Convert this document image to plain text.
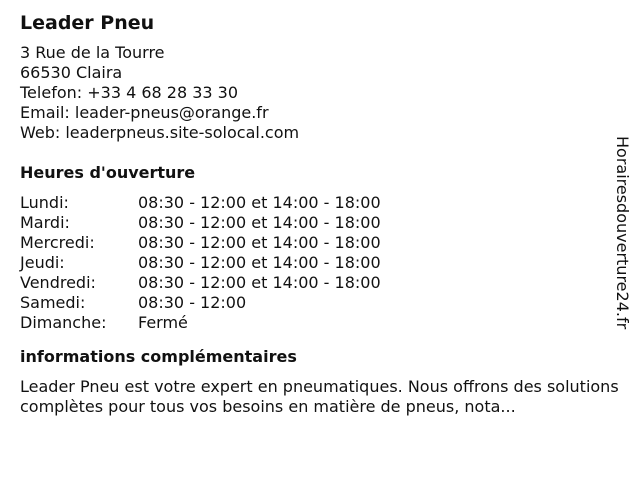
Leader Pneu
3 Rue de la Tourre
66530 Claira
Telefon: +33 4 68 28 33 30
Email: leader-pneus@orange.fr
Web: leaderpneus.site-solocal.com
Heures d'ouverture
Lundi:	08:30 - 12:00 et 14:00 - 18:00
Mardi:	08:30 - 12:00 et 14:00 - 18:00
Mercredi:	08:30 - 12:00 et 14:00 - 18:00
Jeudi:	08:30 - 12:00 et 14:00 - 18:00
Vendredi:	08:30 - 12:00 et 14:00 - 18:00
Samedi:	08:30 - 12:00
Dimanche:	Fermé
informations complémentaires
Leader Pneu est votre expert en pneumatiques. Nous offrons des solutions complètes pour tous vos besoins en matière de pneus, nota...
Horairesdouverture24.fr
